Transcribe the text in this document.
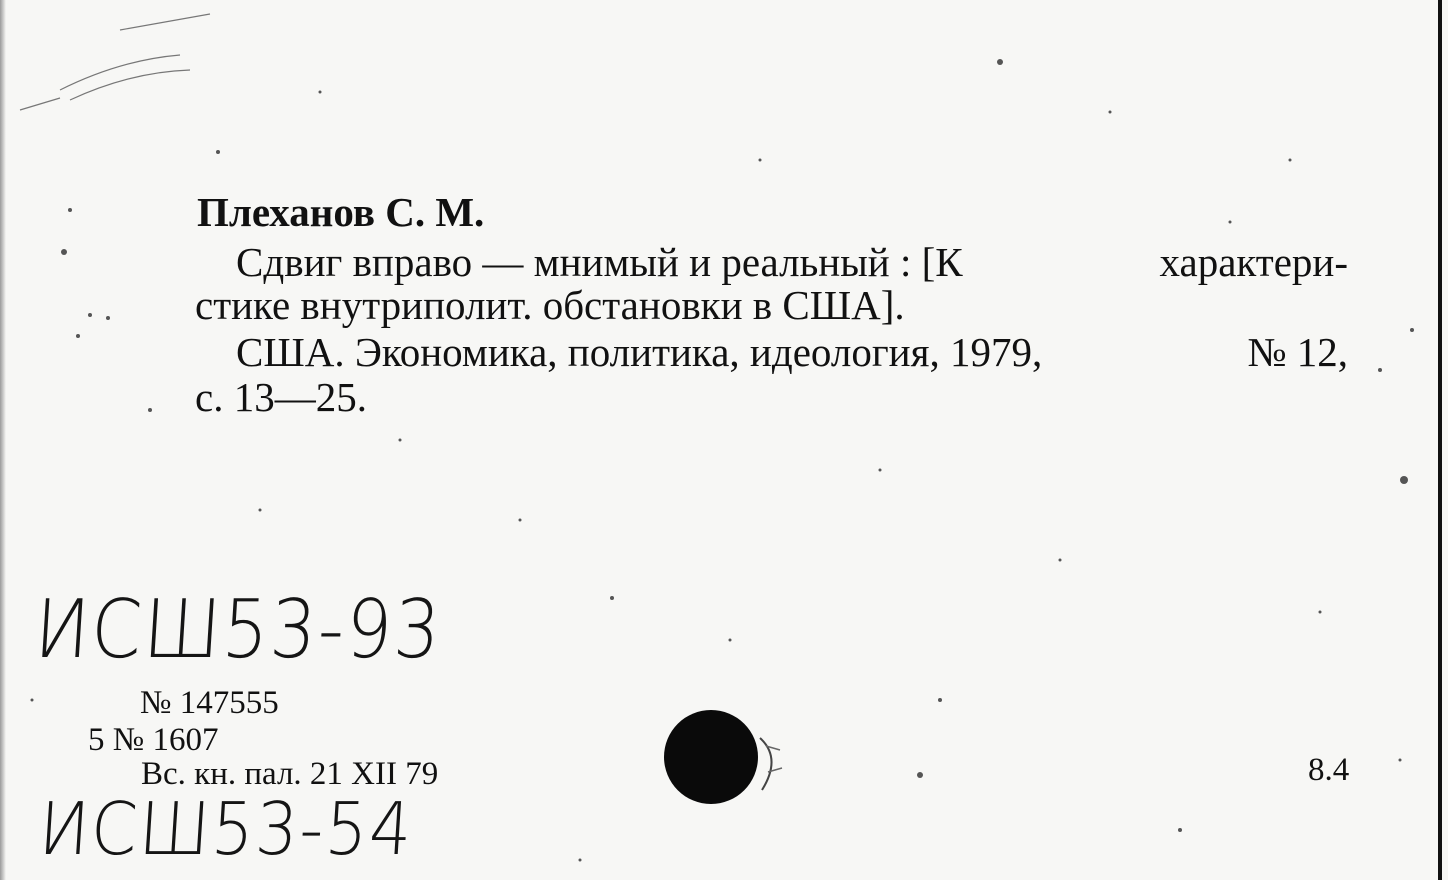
Плеханов С. М.
Сдвиг вправо — мнимый и реальный : [К	характери-
стике внутриполит. обстановки в США].
США. Экономика, политика, идеология, 1979,	№ 12,
с. 13—25.
ИСШ53-93
№ 147555
5 № 1607
Вс. кн. пал. 21 XII 79
ИСШ53-54
8.4
